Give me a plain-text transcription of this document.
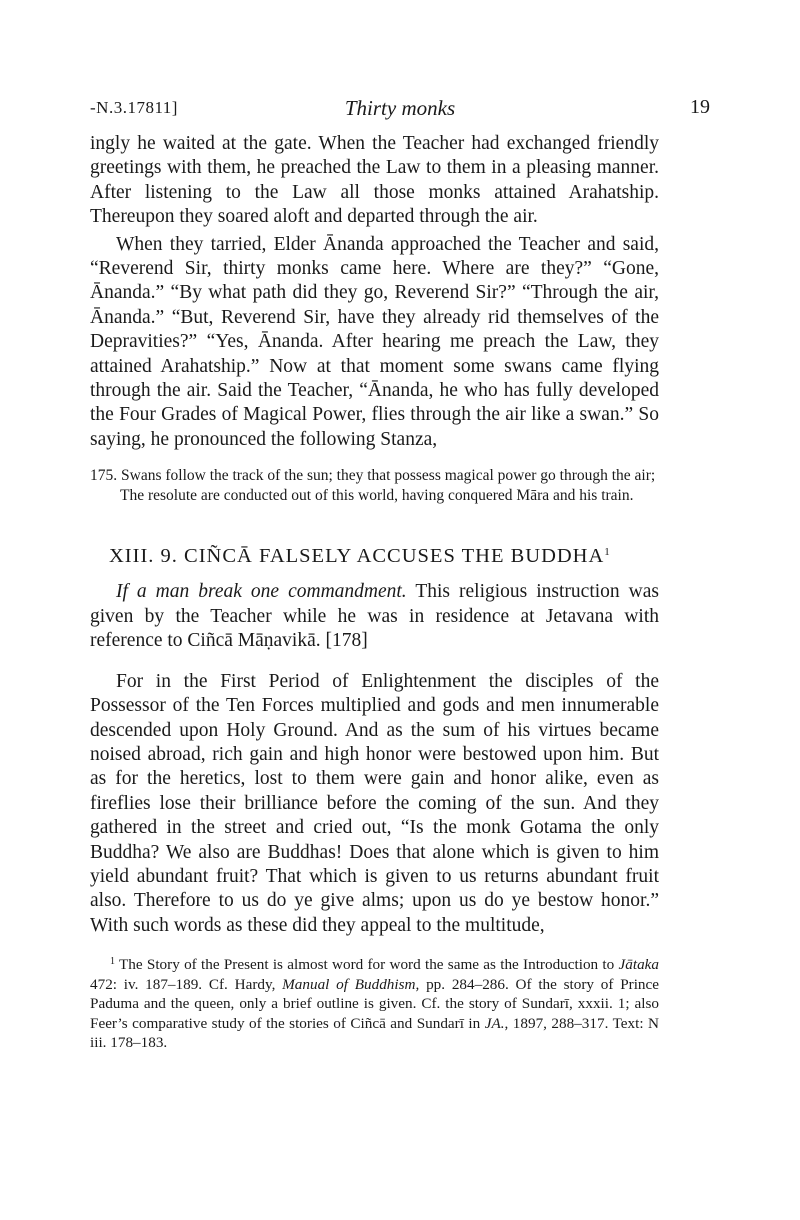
-N.3.17811]	Thirty monks	19

ingly he waited at the gate. When the Teacher had exchanged friendly greetings with them, he preached the Law to them in a pleasing manner. After listening to the Law all those monks attained Arahatship. Thereupon they soared aloft and departed through the air.

When they tarried, Elder Ānanda approached the Teacher and said, “Reverend Sir, thirty monks came here. Where are they?” “Gone, Ānanda.” “By what path did they go, Reverend Sir?” “Through the air, Ānanda.” “But, Reverend Sir, have they already rid themselves of the Depravities?” “Yes, Ānanda. After hearing me preach the Law, they attained Arahatship.” Now at that moment some swans came flying through the air. Said the Teacher, “Ānanda, he who has fully developed the Four Grades of Magical Power, flies through the air like a swan.” So saying, he pronounced the following Stanza,

175. Swans follow the track of the sun; they that possess magical power go through the air;
The resolute are conducted out of this world, having conquered Māra and his train.
XIII. 9. CIÑCĀ FALSELY ACCUSES THE BUDDHA$^1$

If a man break one commandment. This religious instruction was given by the Teacher while he was in residence at Jetavana with reference to Ciñcā Māṇavikā. [178]

For in the First Period of Enlightenment the disciples of the Possessor of the Ten Forces multiplied and gods and men innumerable descended upon Holy Ground. And as the sum of his virtues became noised abroad, rich gain and high honor were bestowed upon him. But as for the heretics, lost to them were gain and honor alike, even as fireflies lose their brilliance before the coming of the sun. And they gathered in the street and cried out, “Is the monk Gotama the only Buddha? We also are Buddhas! Does that alone which is given to him yield abundant fruit? That which is given to us returns abundant fruit also. Therefore to us do ye give alms; upon us do ye bestow honor.” With such words as these did they appeal to the multitude,

$^1$ The Story of the Present is almost word for word the same as the Introduction to Jātaka 472: iv. 187–189. Cf. Hardy, Manual of Buddhism, pp. 284–286. Of the story of Prince Paduma and the queen, only a brief outline is given. Cf. the story of Sundarī, xxxii. 1; also Feer’s comparative study of the stories of Ciñcā and Sundarī in JA., 1897, 288–317. Text: N iii. 178–183.
